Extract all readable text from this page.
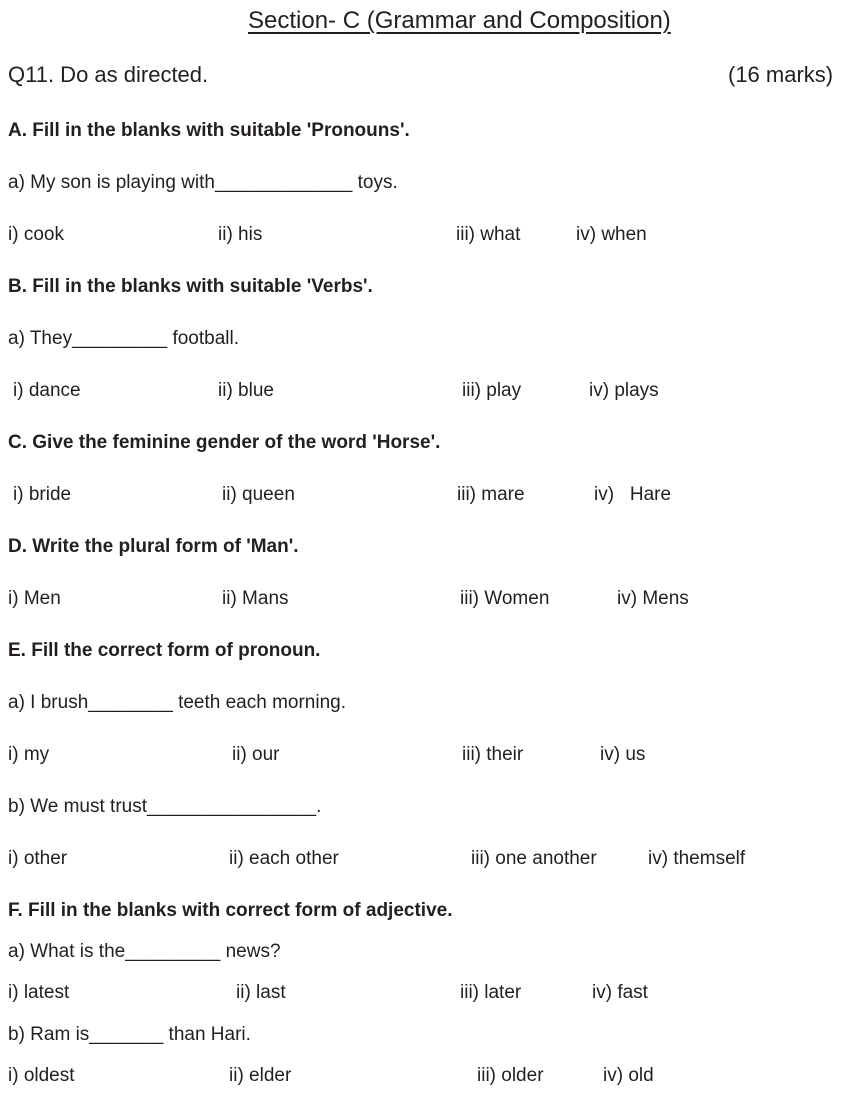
Section- C (Grammar and Composition)
Q11. Do as directed.	(16 marks)
A. Fill in the blanks with suitable 'Pronouns'.
a) My son is playing with_____________ toys.
i) cook	ii) his	iii) what	iv) when
B. Fill in the blanks with suitable 'Verbs'.
a) They_________ football.
i) dance	ii) blue	iii) play	iv) plays
C. Give the feminine gender of the word 'Horse'.
i) bride	ii) queen	iii) mare	iv)   Hare
D. Write the plural form of 'Man'.
i) Men	ii) Mans	iii) Women	iv) Mens
E. Fill the correct form of pronoun.
a) I brush________ teeth each morning.
i) my	ii) our	iii) their	iv) us
b) We must trust________________.
i) other	ii) each other	iii) one another	iv) themself
F. Fill in the blanks with correct form of adjective.
a) What is the_________ news?
i) latest	ii) last	iii) later	iv) fast
b) Ram is_______ than Hari.
i) oldest	ii) elder	iii) older	iv) old
